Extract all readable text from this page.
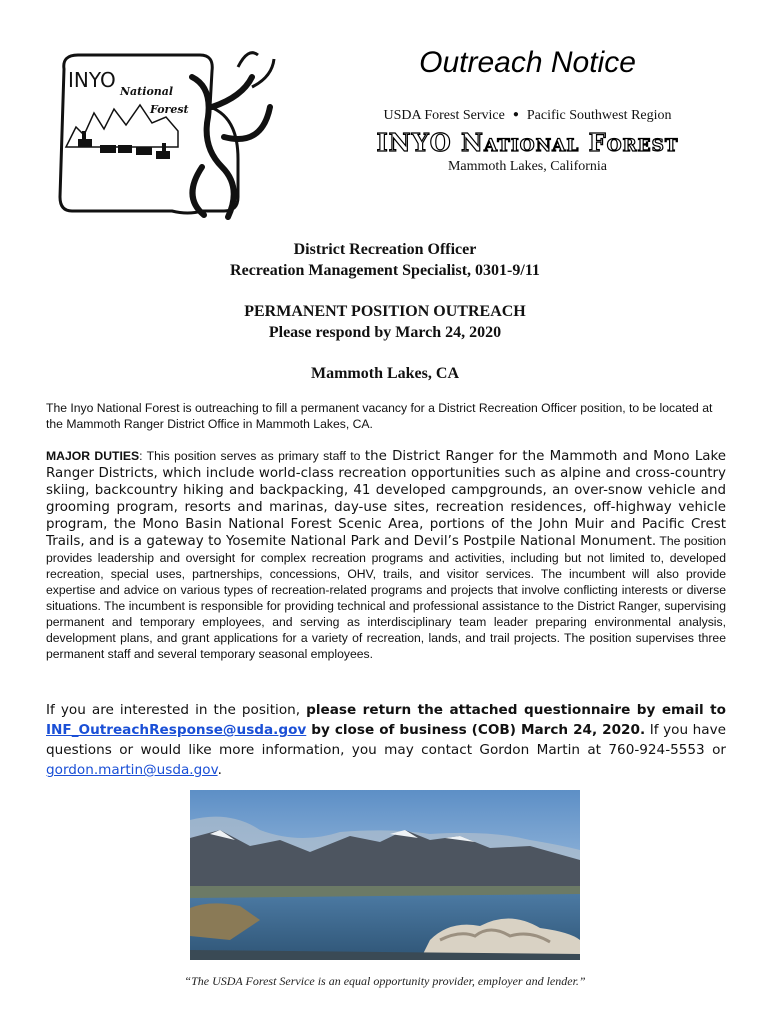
INYO National
Forest
Outreach Notice
USDA Forest Service ● Pacific Southwest Region
INYO National Forest
Mammoth Lakes, California
District Recreation Officer
Recreation Management Specialist, 0301-9/11
PERMANENT POSITION OUTREACH
Please respond by March 24, 2020
Mammoth Lakes, CA
The Inyo National Forest is outreaching to fill a permanent vacancy for a District Recreation Officer position, to be located at the Mammoth Ranger District Office in Mammoth Lakes, CA.
MAJOR DUTIES: This position serves as primary staff to the District Ranger for the Mammoth and Mono Lake Ranger Districts, which include world-class recreation opportunities such as alpine and cross-country skiing, backcountry hiking and backpacking, 41 developed campgrounds, an over-snow vehicle and grooming program, resorts and marinas, day-use sites, recreation residences, off-highway vehicle program, the Mono Basin National Forest Scenic Area, portions of the John Muir and Pacific Crest Trails, and is a gateway to Yosemite National Park and Devil’s Postpile National Monument. The position provides leadership and oversight for complex recreation programs and activities, including but not limited to, developed recreation, special uses, partnerships, concessions, OHV, trails, and visitor services. The incumbent will also provide expertise and advice on various types of recreation-related programs and projects that involve conflicting interests or diverse situations. The incumbent is responsible for providing technical and professional assistance to the District Ranger, supervising permanent and temporary employees, and serving as interdisciplinary team leader preparing environmental analysis, development plans, and grant applications for a variety of recreation, lands, and trail projects. The position supervises three permanent staff and several temporary seasonal employees.
If you are interested in the position, please return the attached questionnaire by email to INF_OutreachResponse@usda.gov by close of business (COB) March 24, 2020. If you have questions or would like more information, you may contact Gordon Martin at 760-924-5553 or gordon.martin@usda.gov.
“The USDA Forest Service is an equal opportunity provider, employer and lender.”
